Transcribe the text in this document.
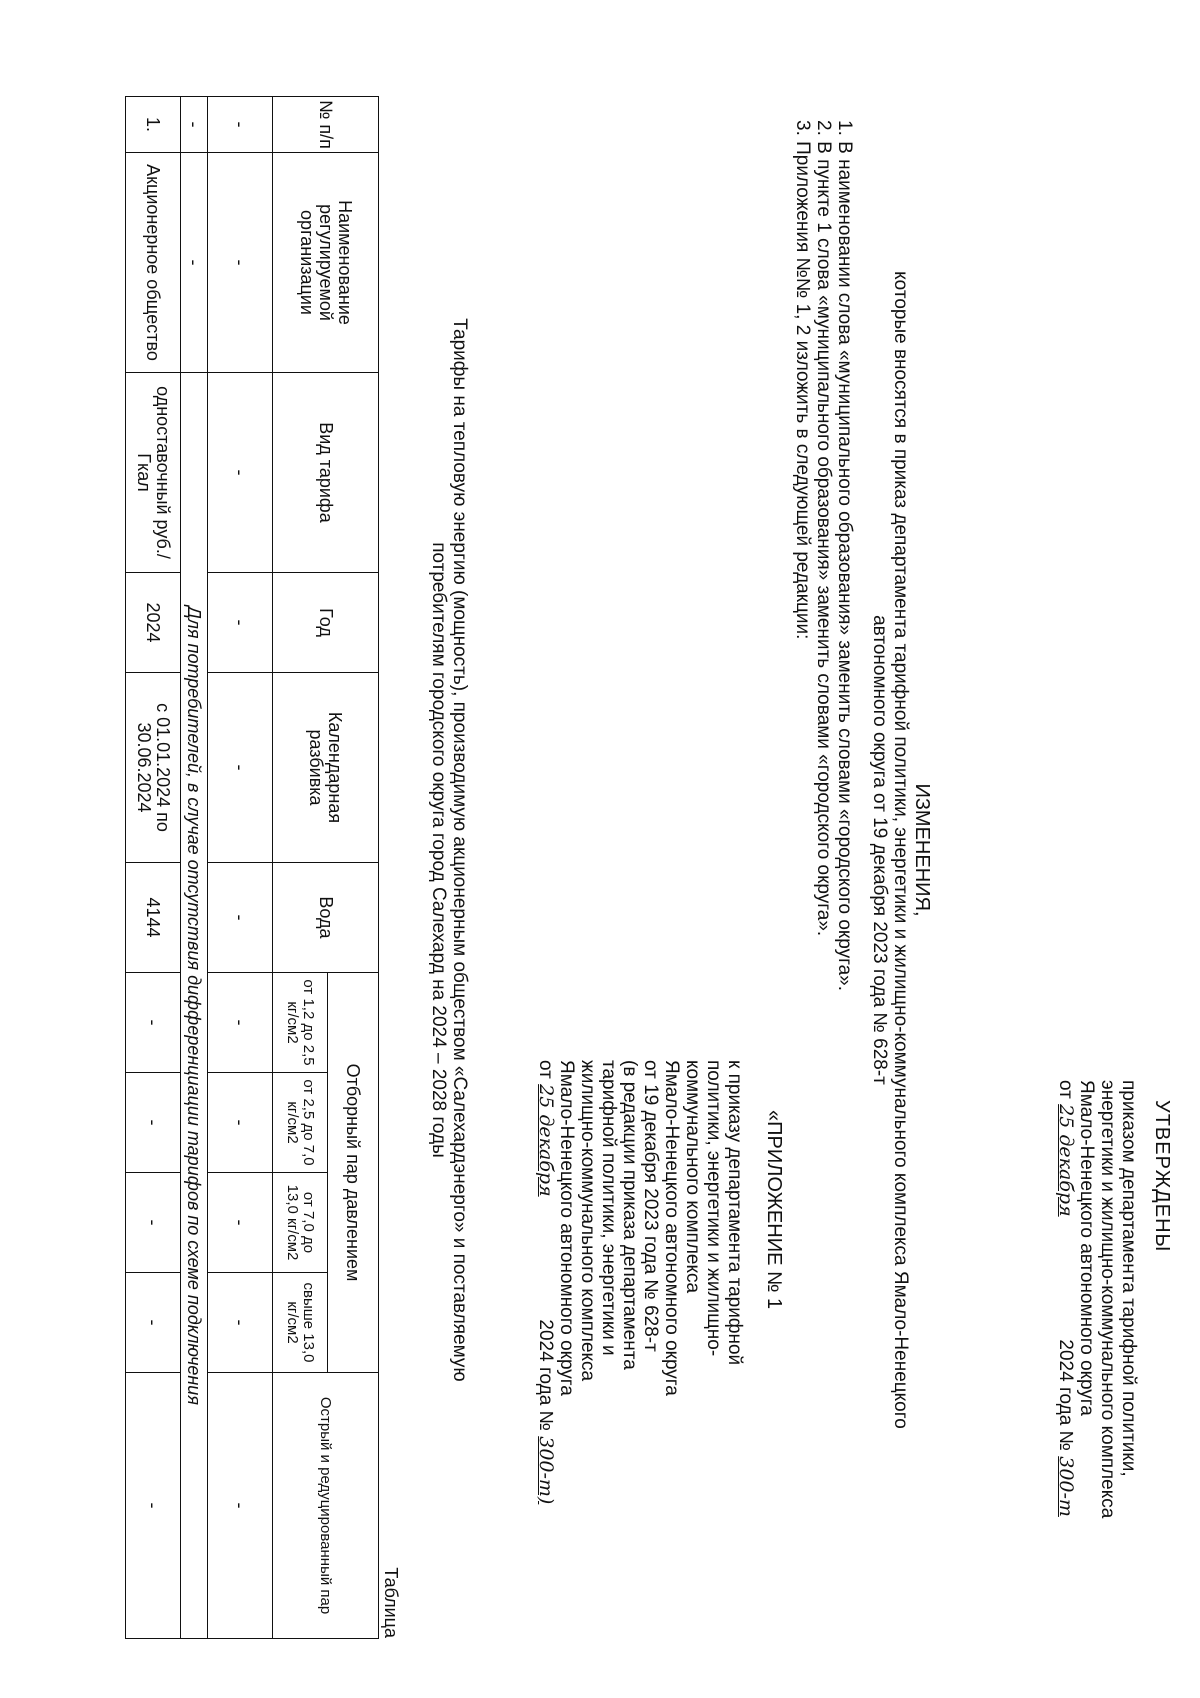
УТВЕРЖДЕНЫ
приказом департамента тарифной политики,
энергетики и жилищно-коммунального комплекса
Ямало-Ненецкого автономного округа
от 25 декабря 2024 года № 300-т
ИЗМЕНЕНИЯ,
которые вносятся в приказ департамента тарифной политики, энергетики и жилищно-коммунального комплекса Ямало-Ненецкого
автономного округа от 19 декабря 2023 года № 628-т
1. В наименовании слова «муниципального образования» заменить словами «городского округа».
2. В пункте 1 слова «муниципального образования» заменить словами «городского округа».
3. Приложения №№ 1, 2 изложить в следующей редакции:
«ПРИЛОЖЕНИЕ № 1
к приказу департамента тарифной
политики, энергетики и жилищно-
коммунального комплекса
Ямало-Ненецкого автономного округа
от 19 декабря 2023 года № 628-т
(в редакции приказа департамента
тарифной политики, энергетики и
жилищно-коммунального комплекса
Ямало-Ненецкого автономного округа
от 25 декабря 2024 года № 300-т)
Тарифы на тепловую энергию (мощность), производимую акционерным обществом «Салехардэнерго» и поставляемую
потребителям городского округа город Салехард на 2024 – 2028 годы
Таблица
№ п/п	Наименование регулируемой организации	Вид тарифа	Год	Календарная разбивка	Вода	Отборный пар давлением				Острый и редуцированный пар
						от 1,2 до 2,5 кг/см2	от 2,5 до 7,0 кг/см2	от 7,0 до 13,0 кг/см2	свыше 13,0 кг/см2	
-	-	-	-	-	-	-	-	-	-	-
-	-	Для потребителей, в случае отсутствия дифференциации тарифов по схеме подключения								
1.	Акционерное общество	одноставочный руб./Гкал	2024	с 01.01.2024 по 30.06.2024	4144	-	-	-	-	-
